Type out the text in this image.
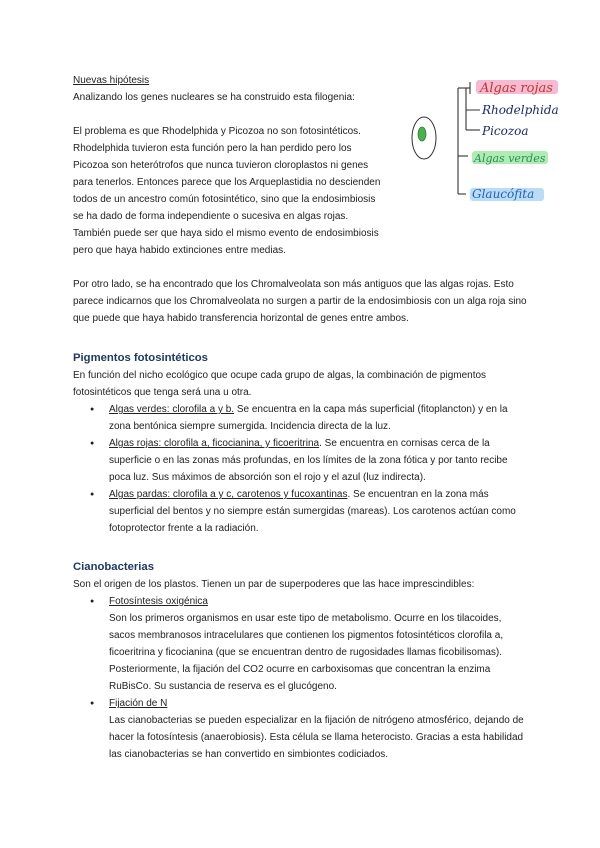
Nuevas hipótesis

Analizando los genes nucleares se ha construido esta filogenia:

El problema es que Rhodelphida y Picozoa no son fotosintéticos.

Rhodelphida tuvieron esta función pero la han perdido pero los

Picozoa son heterótrofos que nunca tuvieron cloroplastos ni genes

para tenerlos. Entonces parece que los Arqueplastidia no descienden

todos de un ancestro común fotosintético, sino que la endosimbiosis

se ha dado de forma independiente o sucesiva en algas rojas.

También puede ser que haya sido el mismo evento de endosimbiosis

pero que haya habido extinciones entre medias.

Por otro lado, se ha encontrado que los Chromalveolata son más antiguos que las algas rojas. Esto

parece indicarnos que los Chromalveolata no surgen a partir de la endosimbiosis con un alga roja sino

que puede que haya habido transferencia horizontal de genes entre ambos.

Pigmentos fotosintéticos

En función del nicho ecológico que ocupe cada grupo de algas, la combinación de pigmentos

fotosintéticos que tenga será una u otra.

● Algas verdes: clorofila a y b. Se encuentra en la capa más superficial (fitoplancton) y en la
zona bentónica siempre sumergida. Incidencia directa de la luz.
● Algas rojas: clorofila a, ficocianina, y ficoeritrina. Se encuentra en cornisas cerca de la
superficie o en las zonas más profundas, en los límites de la zona fótica y por tanto recibe
poca luz. Sus máximos de absorción son el rojo y el azul (luz indirecta).
● Algas pardas: clorofila a y c, carotenos y fucoxantinas. Se encuentran en la zona más
superficial del bentos y no siempre están sumergidas (mareas). Los carotenos actúan como
fotoprotector frente a la radiación.
Cianobacterias

Son el origen de los plastos. Tienen un par de superpoderes que las hace imprescindibles:

● Fotosíntesis oxigénica
Son los primeros organismos en usar este tipo de metabolismo. Ocurre en los tilacoides,
sacos membranosos intracelulares que contienen los pigmentos fotosintéticos clorofila a,
ficoeritrina y ficocianina (que se encuentran dentro de rugosidades llamas ficobilisomas).
Posteriormente, la fijación del CO2 ocurre en carboxisomas que concentran la enzima
RuBisCo. Su sustancia de reserva es el glucógeno.
● Fijación de N
Las cianobacterias se pueden especializar en la fijación de nitrógeno atmosférico, dejando de
hacer la fotosíntesis (anaerobiosis). Esta célula se llama heterocisto. Gracias a esta habilidad
las cianobacterias se han convertido en simbiontes codiciados.
Algas rojas
Rhodelphida
Picozoa
Algas verdes
Glaucófita
